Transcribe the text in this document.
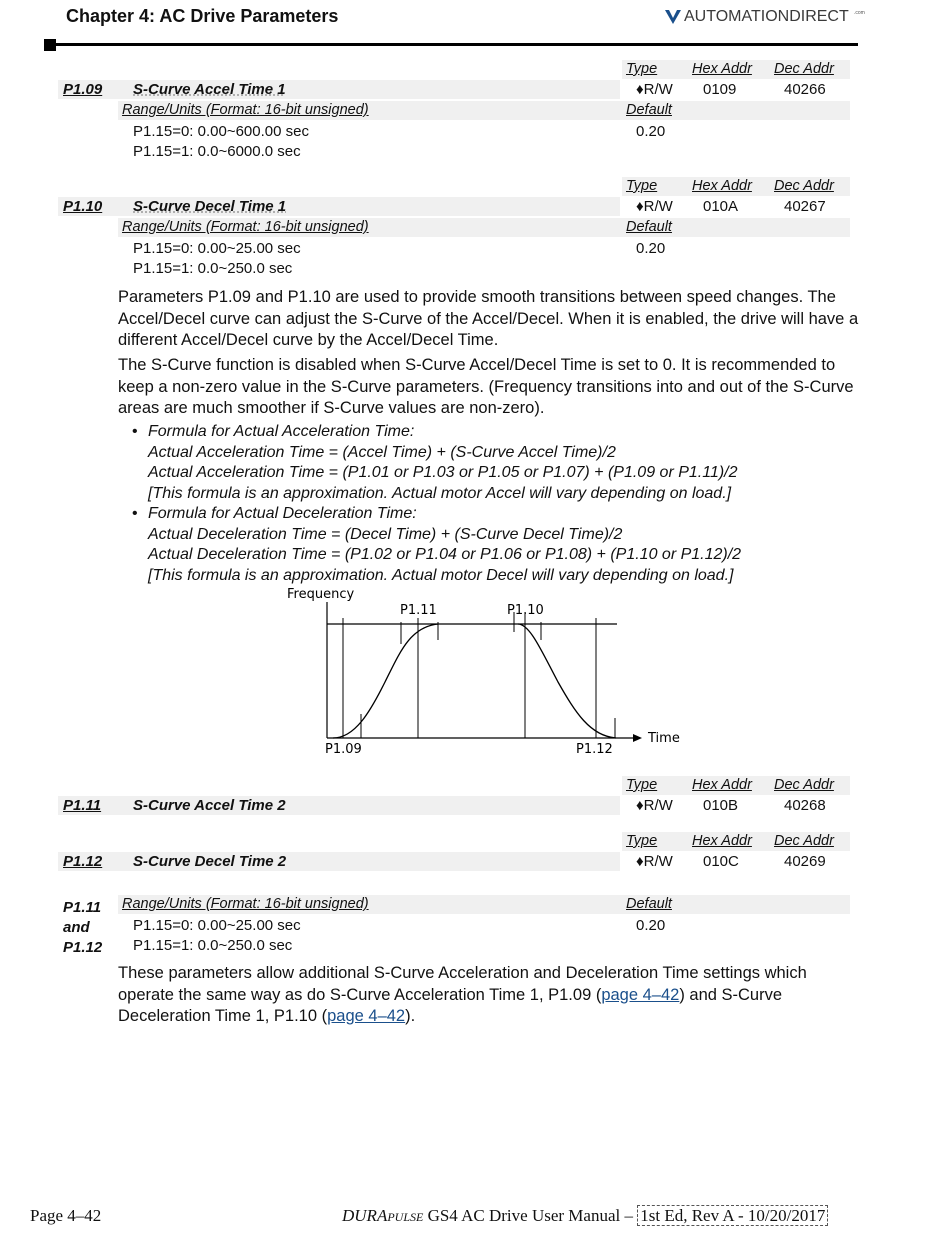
Chapter 4: AC Drive Parameters	AUTOMATIONDIRECT .com
Type Hex Addr Dec Addr
P1.09 S-Curve Accel Time 1	♦R/W 0109	40266
Range/Units (Format: 16-bit unsigned)	Default
P1.15=0: 0.00~600.00 sec
P1.15=1: 0.0~6000.0 sec
0.20
Type Hex Addr Dec Addr
P1.10 S-Curve Decel Time 1	♦R/W 010A	40267
Range/Units (Format: 16-bit unsigned)	Default
P1.15=0: 0.00~25.00 sec
P1.15=1: 0.0~250.0 sec
0.20
Parameters P1.09 and P1.10 are used to provide smooth transitions between speed changes. The Accel/Decel curve can adjust the S-Curve of the Accel/Decel. When it is enabled, the drive will have a different Accel/Decel curve by the Accel/Decel Time.
The S-Curve function is disabled when S-Curve Accel/Decel Time is set to 0. It is recommended to keep a non-zero value in the S-Curve parameters. (Frequency transitions into and out of the S-Curve areas are much smoother if S-Curve values are non-zero).
• Formula for Actual Acceleration Time:
Actual Acceleration Time = (Accel Time) + (S-Curve Accel Time)/2
Actual Acceleration Time = (P1.01 or P1.03 or P1.05 or P1.07) + (P1.09 or P1.11)/2
[This formula is an approximation. Actual motor Accel will vary depending on load.]
• Formula for Actual Deceleration Time:
Actual Deceleration Time = (Decel Time) + (S-Curve Decel Time)/2
Actual Deceleration Time = (P1.02 or P1.04 or P1.06 or P1.08) + (P1.10 or P1.12)/2
[This formula is an approximation. Actual motor Decel will vary depending on load.]
Frequency
Time
P1.11	P1.10
P1.09	P1.12
Type Hex Addr Dec Addr
P1.11 S-Curve Accel Time 2	♦R/W 010B	40268
Type Hex Addr Dec Addr
P1.12 S-Curve Decel Time 2	♦R/W 010C	40269
P1.11
and
P1.12
Range/Units (Format: 16-bit unsigned)	Default
P1.15=0: 0.00~25.00 sec
P1.15=1: 0.0~250.0 sec
0.20
These parameters allow additional S-Curve Acceleration and Deceleration Time settings which operate the same way as do S-Curve Acceleration Time 1, P1.09 (page 4–42) and S-Curve Deceleration Time 1, P1.10 (page 4–42).
Page 4–42	DURAPULSE GS4 AC Drive User Manual – 1st Ed, Rev A - 10/20/2017
